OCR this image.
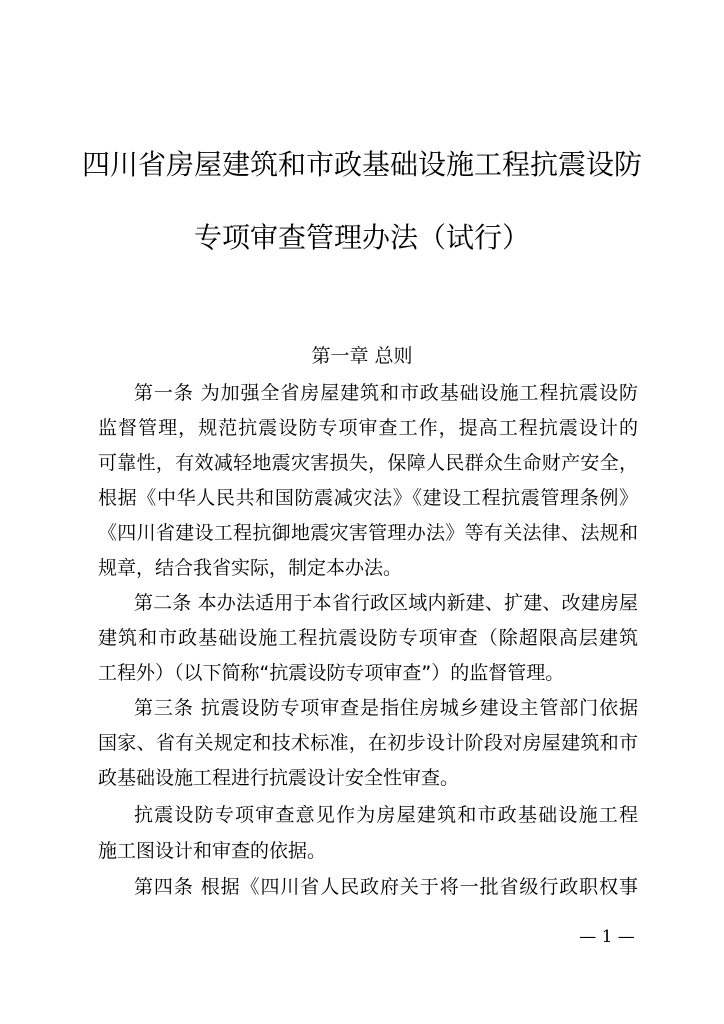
四川省房屋建筑和市政基础设施工程抗震设防
专项审查管理办法（试行）
第一章 总则
第一条 为加强全省房屋建筑和市政基础设施工程抗震设防
监督管理，规范抗震设防专项审查工作，提高工程抗震设计的
可靠性，有效减轻地震灾害损失，保障人民群众生命财产安全，
根据《中华人民共和国防震减灾法》《建设工程抗震管理条例》
《四川省建设工程抗御地震灾害管理办法》等有关法律、法规和
规章，结合我省实际，制定本办法。
第二条 本办法适用于本省行政区域内新建、扩建、改建房屋
建筑和市政基础设施工程抗震设防专项审查（除超限高层建筑
工程外）（以下简称“抗震设防专项审查”）的监督管理。
第三条 抗震设防专项审查是指住房城乡建设主管部门依据
国家、省有关规定和技术标准，在初步设计阶段对房屋建筑和市
政基础设施工程进行抗震设计安全性审查。
抗震设防专项审查意见作为房屋建筑和市政基础设施工程
施工图设计和审查的依据。
第四条 根据《四川省人民政府关于将一批省级行政职权事
— 1 —
